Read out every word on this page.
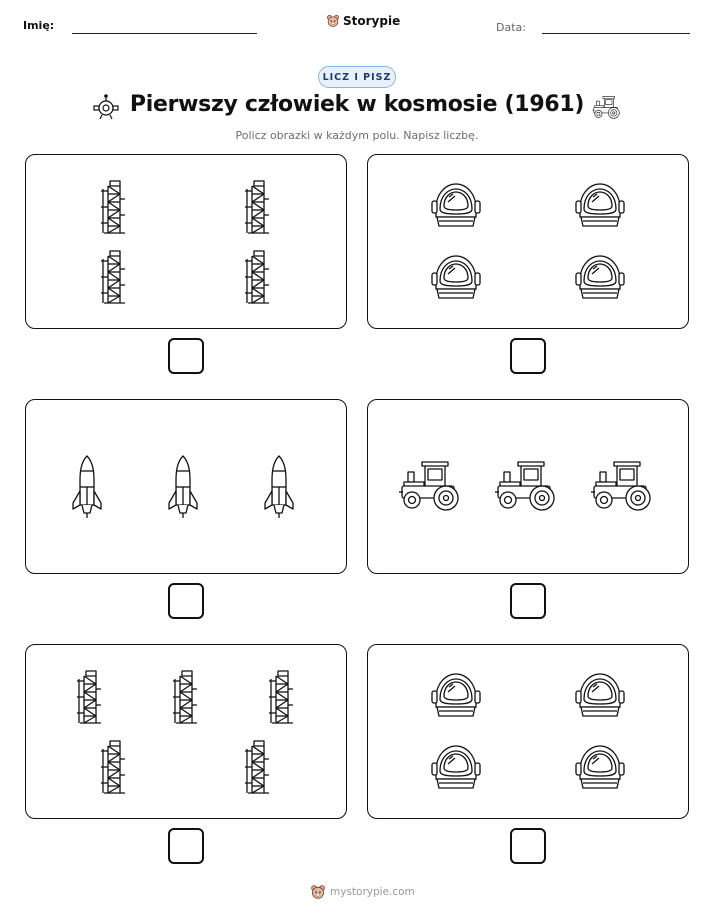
Imię:	Storypie	Data:
LICZ I PISZ
Pierwszy człowiek w kosmosie (1961)
Policz obrazki w każdym polu. Napisz liczbę.
mystorypie.com
